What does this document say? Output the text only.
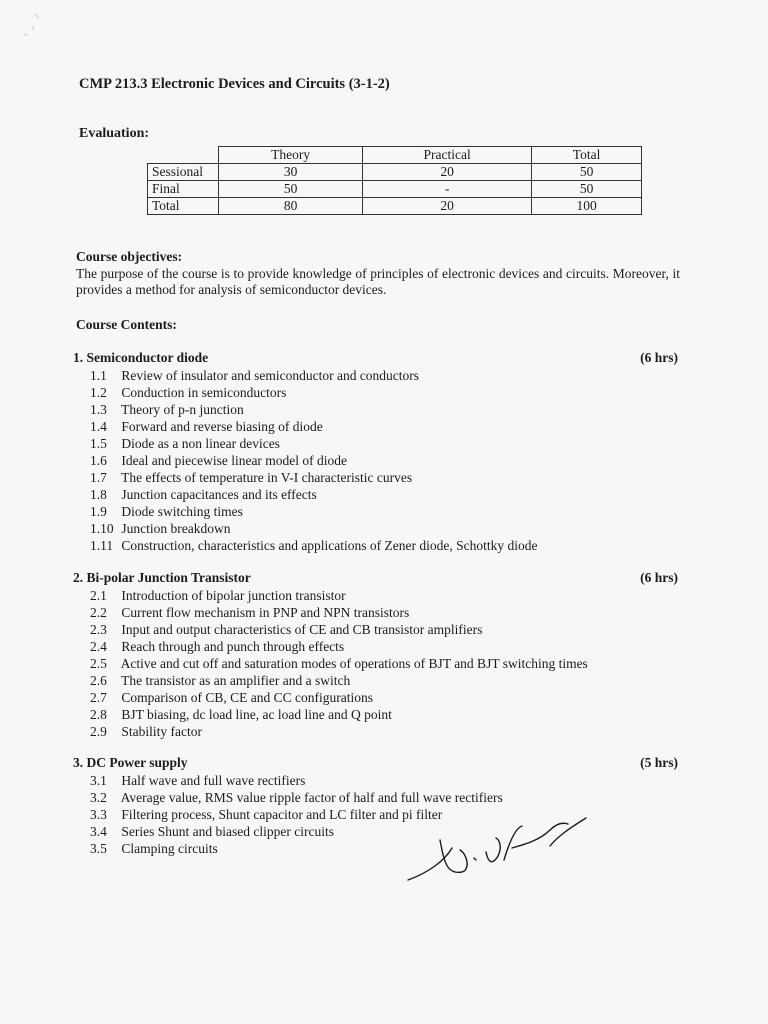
CMP 213.3 Electronic Devices and Circuits (3-1-2)
Evaluation:
	Theory	Practical	Total
Sessional	30	20	50
Final	50	-	50
Total	80	20	100
Course objectives:
The purpose of the course is to provide knowledge of principles of electronic devices and circuits. Moreover, it provides a method for analysis of semiconductor devices.
Course Contents:
1. Semiconductor diode	(6 hrs)
1.1 Review of insulator and semiconductor and conductors
1.2 Conduction in semiconductors
1.3 Theory of p-n junction
1.4 Forward and reverse biasing of diode
1.5 Diode as a non linear devices
1.6 Ideal and piecewise linear model of diode
1.7 The effects of temperature in V-I characteristic curves
1.8 Junction capacitances and its effects
1.9 Diode switching times
1.10 Junction breakdown
1.11 Construction, characteristics and applications of Zener diode, Schottky diode
2. Bi-polar Junction Transistor	(6 hrs)
2.1 Introduction of bipolar junction transistor
2.2 Current flow mechanism in PNP and NPN transistors
2.3 Input and output characteristics of CE and CB transistor amplifiers
2.4 Reach through and punch through effects
2.5 Active and cut off and saturation modes of operations of BJT and BJT switching times
2.6 The transistor as an amplifier and a switch
2.7 Comparison of CB, CE and CC configurations
2.8 BJT biasing, dc load line, ac load line and Q point
2.9 Stability factor
3. DC Power supply	(5 hrs)
3.1 Half wave and full wave rectifiers
3.2 Average value, RMS value ripple factor of half and full wave rectifiers
3.3 Filtering process, Shunt capacitor and LC filter and pi filter
3.4 Series Shunt and biased clipper circuits
3.5 Clamping circuits
